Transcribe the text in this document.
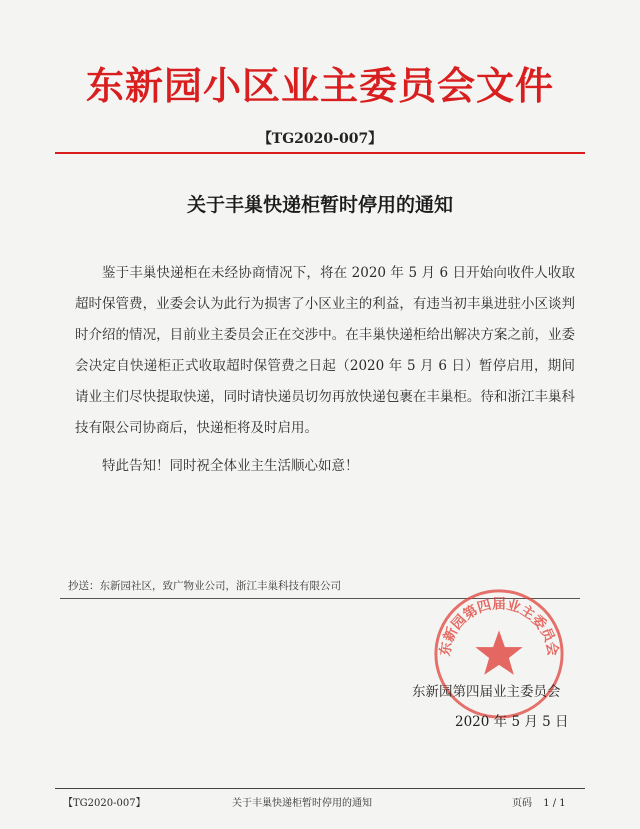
东新园小区业主委员会文件
【TG2020-007】
关于丰巢快递柜暂时停用的通知

鉴于丰巢快递柜在未经协商情况下，将在 2020 年 5 月 6 日开始向收件人收取超时保管费，业委会认为此行为损害了小区业主的利益，有违当初丰巢进驻小区谈判时介绍的情况，目前业主委员会正在交涉中。在丰巢快递柜给出解决方案之前，业委会决定自快递柜正式收取超时保管费之日起（2020 年 5 月 6 日）暂停启用，期间请业主们尽快提取快递，同时请快递员切勿再放快递包裹在丰巢柜。待和浙江丰巢科技有限公司协商后，快递柜将及时启用。

特此告知！同时祝全体业主生活顺心如意！
抄送：东新园社区，致广物业公司，浙江丰巢科技有限公司
东新园第四届业主委员会
东新园第四届业主委员会
2020 年 5 月 5 日
【TG2020-007】	关于丰巢快递柜暂时停用的通知	页码 1 / 1
